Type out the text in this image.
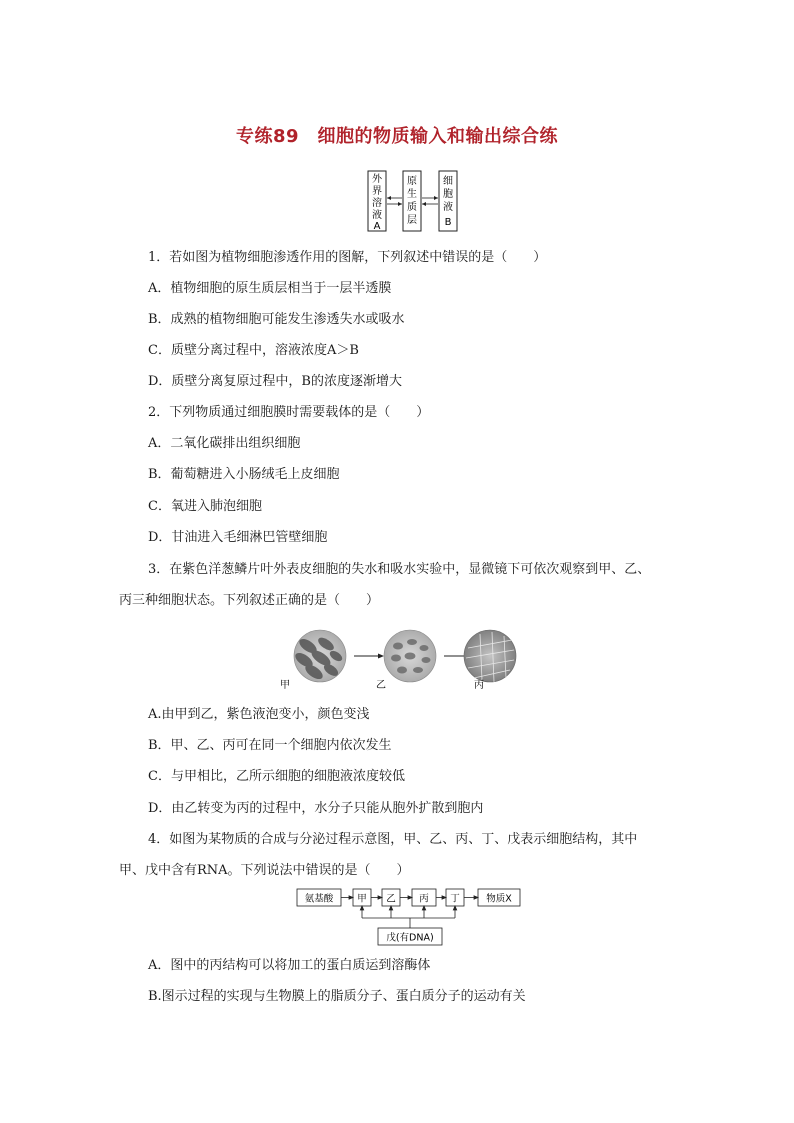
专练89　细胞的物质输入和输出综合练
外
界
溶
液
A
原
生
质
层
细
胞
液
B
1．若如图为植物细胞渗透作用的图解，下列叙述中错误的是（　　）
A．植物细胞的原生质层相当于一层半透膜
B．成熟的植物细胞可能发生渗透失水或吸水
C．质壁分离过程中，溶液浓度A＞B
D．质壁分离复原过程中，B的浓度逐渐增大
2．下列物质通过细胞膜时需要载体的是（　　）
A．二氧化碳排出组织细胞
B．葡萄糖进入小肠绒毛上皮细胞
C．氧进入肺泡细胞
D．甘油进入毛细淋巴管壁细胞
3．在紫色洋葱鳞片叶外表皮细胞的失水和吸水实验中，显微镜下可依次观察到甲、乙、
丙三种细胞状态。下列叙述正确的是（　　）
甲	乙	丙
A.由甲到乙，紫色液泡变小，颜色变浅
B．甲、乙、丙可在同一个细胞内依次发生
C．与甲相比，乙所示细胞的细胞液浓度较低
D．由乙转变为丙的过程中，水分子只能从胞外扩散到胞内
4．如图为某物质的合成与分泌过程示意图，甲、乙、丙、丁、戊表示细胞结构，其中
甲、戊中含有RNA。下列说法中错误的是（　　）
氨基酸	甲 乙 丙 丁	物质X
戊(有DNA)
A．图中的丙结构可以将加工的蛋白质运到溶酶体
B.图示过程的实现与生物膜上的脂质分子、蛋白质分子的运动有关
